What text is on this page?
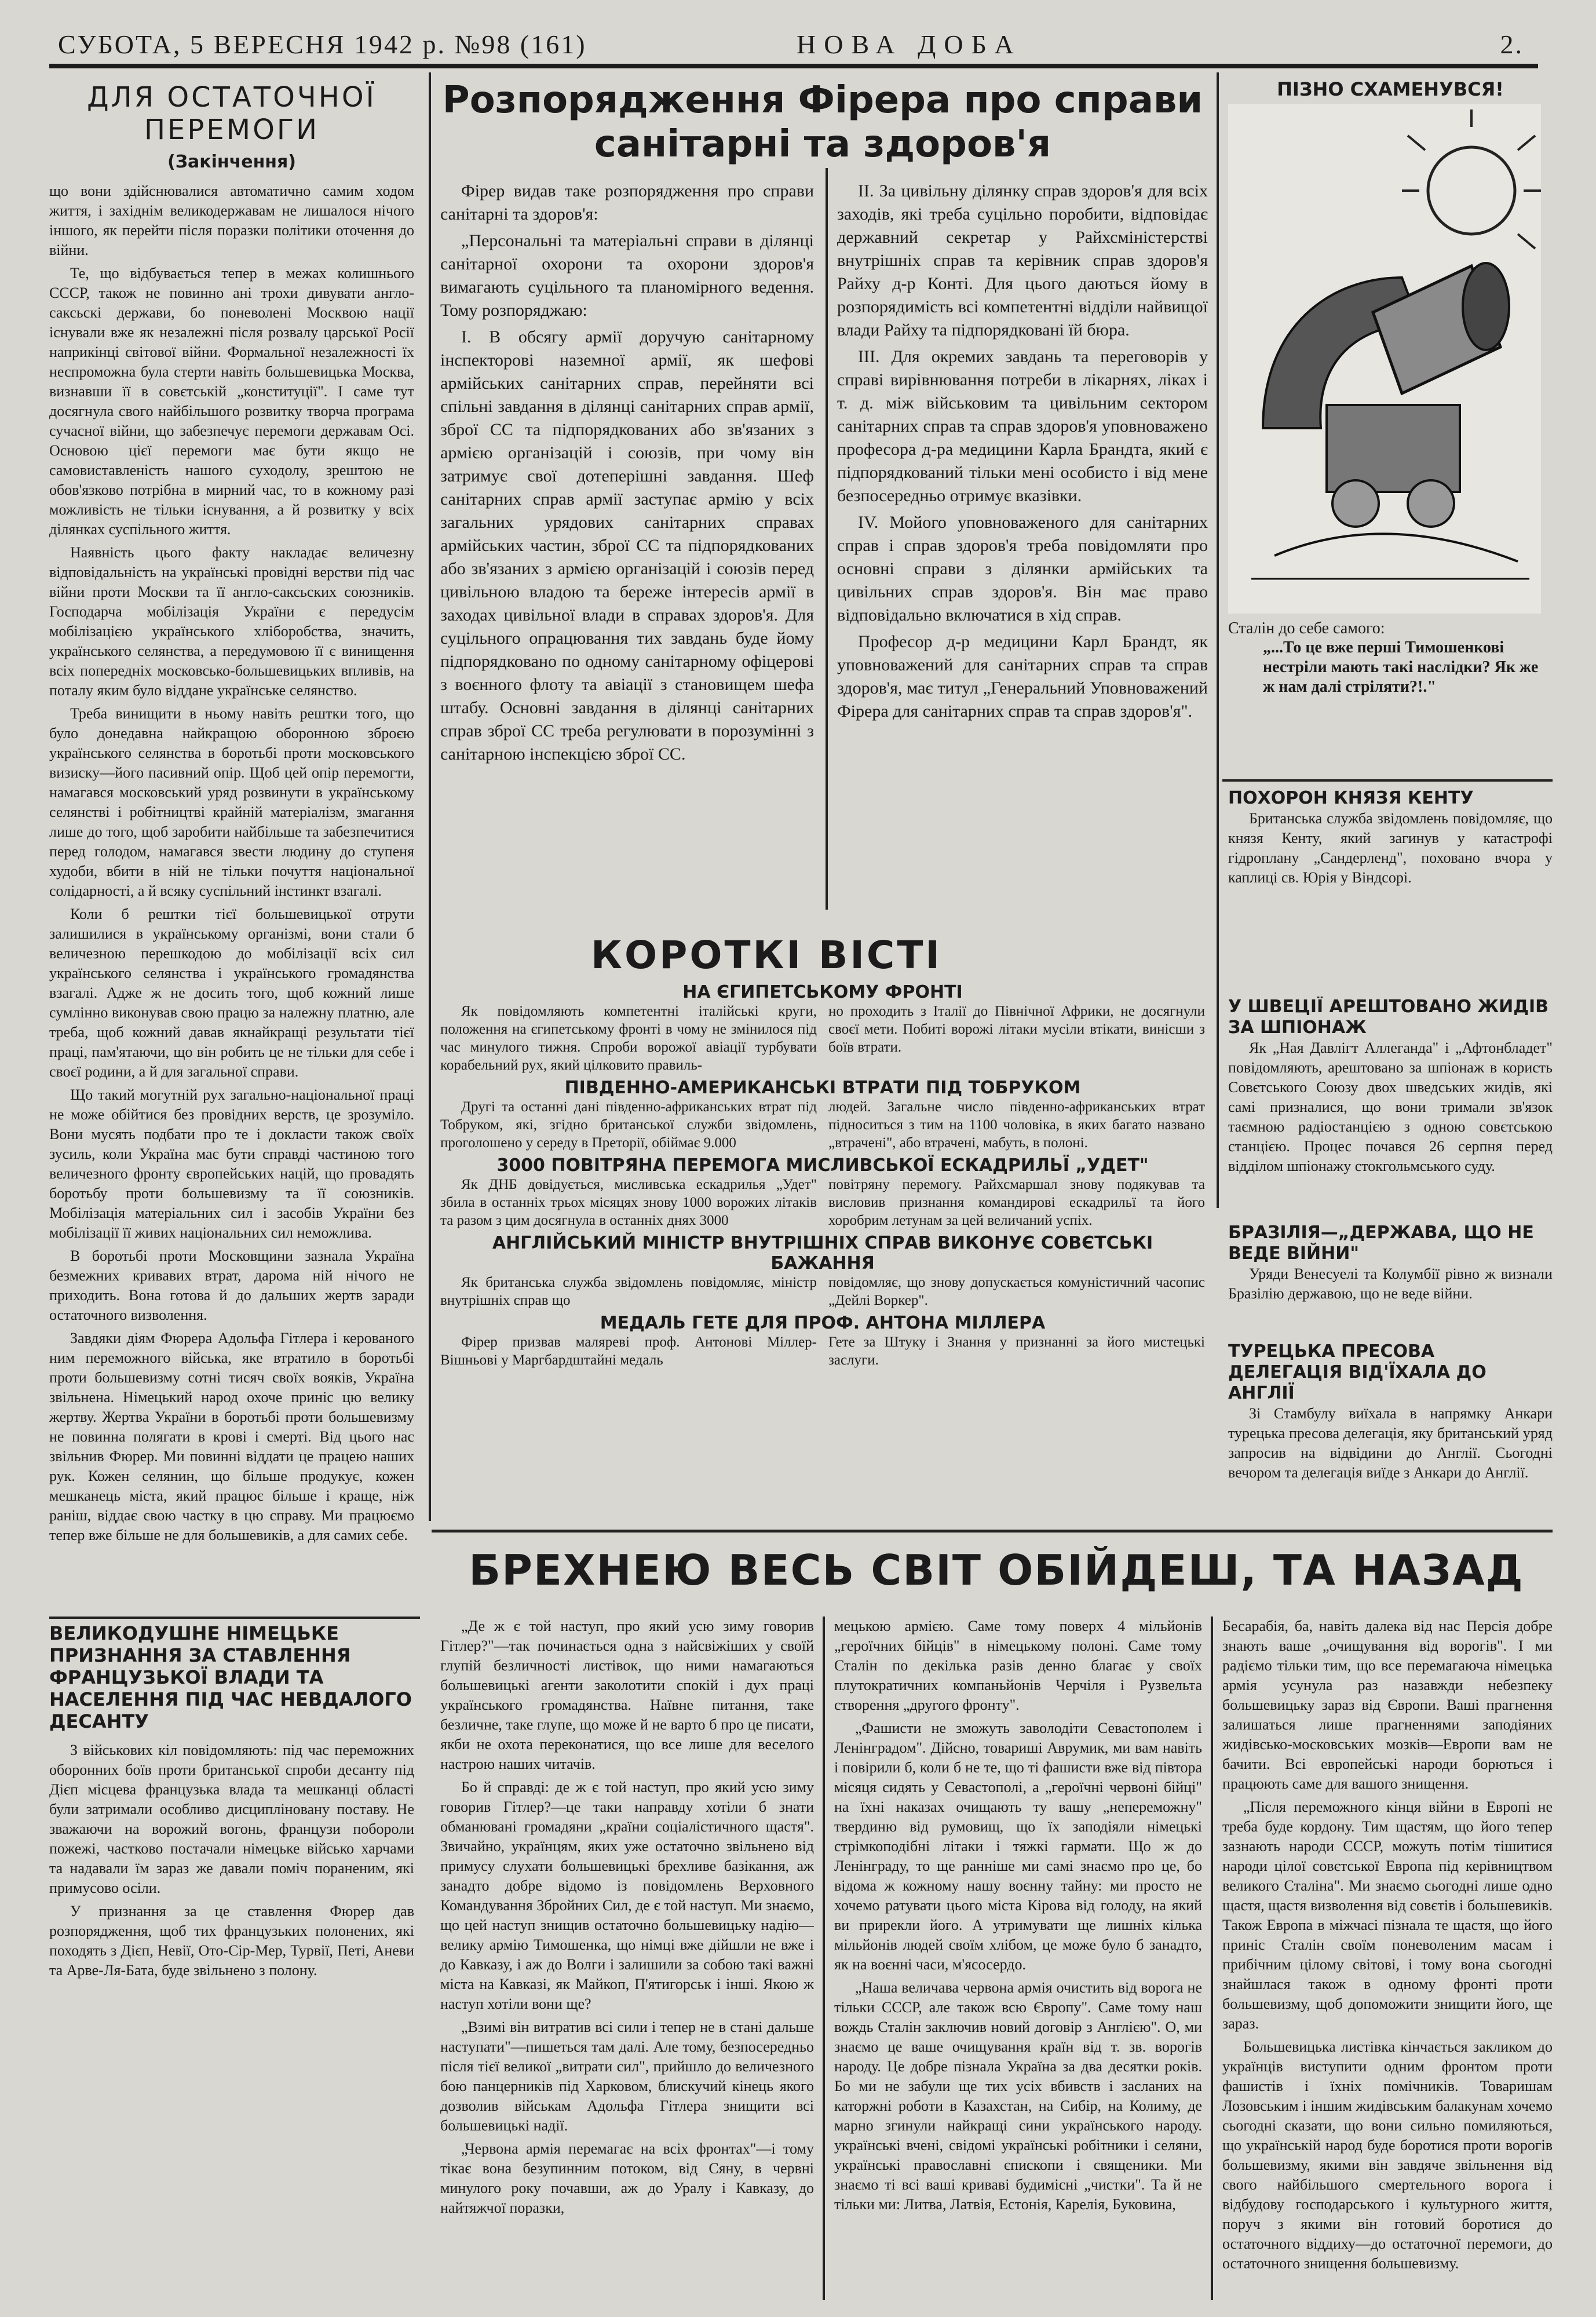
СУБОТА, 5 ВЕРЕСНЯ 1942 р. №98 (161)	НОВА ДОБА	2.
ДЛЯ ОСТАТОЧНОЇ ПЕРЕМОГИ
(Закінчення)

що вони здійснювалися автоматично самим ходом життя, і західнім великодержавам не лишалося нічого іншого, як перейти після поразки політики оточення до війни.

Те, що відбувається тепер в межах колишнього СССР, також не повинно ані трохи дивувати англо-саксьскі держави, бо поневолені Москвою нації існували вже як незалежні після розвалу царської Росії наприкінці світової війни. Формальної незалежності їх неспроможна була стерти навіть большевицька Москва, визнавши її в совєтській „конституції". І саме тут досягнула свого найбільшого розвитку творча програма сучасної війни, що забезпечує перемоги державам Осі. Основою цієї перемоги має бути якщо не самовиставленість нашого суходолу, зрештою не обов'язково потрібна в мирний час, то в кожному разі можливість не тільки існування, а й розвитку у всіх ділянках суспільного життя.

Наявність цього факту накладає величезну відповідальність на українські провідні верстви під час війни проти Москви та її англо-саксьских союзників. Господарча мобілізація України є передусім мобілізацією українського хліборобства, значить, українського селянства, а передумовою її є винищення всіх попередніх московсько-большевицьких впливів, на поталу яким було віддане українське селянство.

Треба винищити в ньому навіть рештки того, що було донедавна найкращою оборонною зброєю українського селянства в боротьбі проти московського визиску—його пасивний опір. Щоб цей опір перемогти, намагався московський уряд розвинути в українському селянстві і робітництві крайній матеріалізм, змагання лише до того, щоб заробити найбільше та забезпечитися перед голодом, намагався звести людину до ступеня худоби, вбити в ній не тільки почуття національної солідарності, а й всяку суспільний інстинкт взагалі.

Коли б рештки тієї большевицької отрути залишилися в українському організмі, вони стали б величезною перешкодою до мобілізації всіх сил українського селянства і українського громадянства взагалі. Адже ж не досить того, щоб кожний лише сумлінно виконував свою працю за належну платню, але треба, щоб кожний давав якнайкращі результати тієї праці, пам'ятаючи, що він робить це не тільки для себе і своєї родини, а й для загальної справи.

Що такий могутній рух загально-національної праці не може обійтися без провідних верств, це зрозуміло. Вони мусять подбати про те і докласти також своїх зусиль, коли Україна має бути справді частиною того величезного фронту європейських націй, що провадять боротьбу проти большевизму та її союзників. Мобілізація матеріальних сил і засобів України без мобілізації її живих національних сил неможлива.

В боротьбі проти Московщини зазнала Україна безмежних кривавих втрат, дарома ній нічого не приходить. Вона готова й до дальших жертв заради остаточного визволення.

Завдяки діям Фюрера Адольфа Гітлера і керованого ним переможного війська, яке втратило в боротьбі проти большевизму сотні тисяч своїх вояків, Україна звільнена. Німецький народ охоче приніс цю велику жертву. Жертва України в боротьбі проти большевизму не повинна полягати в крові і смерті. Від цього нас звільнив Фюрер. Ми повинні віддати це працею наших рук. Кожен селянин, що більше продукує, кожен мешканець міста, який працює більше і краще, ніж раніш, віддає свою частку в цю справу. Ми працюємо тепер вже більше не для большевиків, а для самих себе.

ВЕЛИКОДУШНЕ НІМЕЦЬКЕ ПРИЗНАННЯ ЗА СТАВЛЕННЯ ФРАНЦУЗЬКОЇ ВЛАДИ ТА НАСЕЛЕННЯ ПІД ЧАС НЕВДАЛОГО ДЕСАНТУ

З військових кіл повідомляють: під час переможних оборонних боїв проти британської спроби десанту під Дієп місцева французька влада та мешканці області були затримали особливо дисципліновану поставу. Не зважаючи на ворожий вогонь, французи побороли пожежі, частково постачали німецьке військо харчами та надавали їм зараз же давали поміч пораненим, які примусово осіли.

У признання за це ставлення Фюрер дав розпорядження, щоб тих французьких полонених, які походять з Дієп, Невії, Ото-Сір-Мер, Турвії, Петі, Аневи та Арве-Ля-Бата, буде звільнено з полону.

Розпорядження Фірера про справи
санітарні та здоров'я

Фірер видав таке розпорядження про справи санітарні та здоров'я:

„Персональні та матеріальні справи в ділянці санітарної охорони та охорони здоров'я вимагають суцільного та планомірного ведення. Тому розпоряджаю:

I. В обсягу армії доручую санітарному інспекторові наземної армії, як шефові армійських санітарних справ, перейняти всі спільні завдання в ділянці санітарних справ армії, зброї СС та підпорядкованих або зв'язаних з армією організацій і союзів, при чому він затримує свої дотеперішні завдання. Шеф санітарних справ армії заступає армію у всіх загальних урядових санітарних справах армійських частин, зброї СС та підпорядкованих або зв'язаних з армією організацій і союзів перед цивільною владою та береже інтересів армії в заходах цивільної влади в справах здоров'я. Для суцільного опрацювання тих завдань буде йому підпорядковано по одному санітарному офіцерові з воєнного флоту та авіації з становищем шефа штабу. Основні завдання в ділянці санітарних справ зброї СС треба регулювати в порозумінні з санітарною інспекцією зброї СС.

II. За цивільну ділянку справ здоров'я для всіх заходів, які треба суцільно поробити, відповідає державний секретар у Райхсміністерстві внутрішніх справ та керівник справ здоров'я Райху д-р Конті. Для цього даються йому в розпорядимість всі компетентні відділи найвищої влади Райху та підпорядковані їй бюра.

III. Для окремих завдань та переговорів у справі вирівнювання потреби в лікарнях, ліках і т. д. між військовим та цивільним сектором санітарних справ та справ здоров'я уповноважено професора д-ра медицини Карла Брандта, який є підпорядкований тільки мені особисто і від мене безпосередньо отримує вказівки.

IV. Мойого уповноваженого для санітарних справ і справ здоров'я треба повідомляти про основні справи з ділянки армійських та цивільних справ здоров'я. Він має право відповідально включатися в хід справ.

Професор д-р медицини Карл Брандт, як уповноважений для санітарних справ та справ здоров'я, має титул „Генеральний Уповноважений Фірера для санітарних справ та справ здоров'я".

ПІЗНО СХАМЕНУВСЯ!
Сталін до себе самого:
„...То це вже перші Тимошенкові нестріли мають такі наслідки? Як же ж нам далі стріляти?!."
ПОХОРОН КНЯЗЯ КЕНТУ

Британська служба звідомлень повідомляє, що князя Кенту, який загинув у катастрофі гідроплану „Сандерленд", поховано вчора у каплиці св. Юрія у Віндсорі.

У ШВЕЦІЇ АРЕШТОВАНО ЖИДІВ ЗА ШПІОНАЖ

Як „Ная Давлігт Аллеганда" і „Афтонбладет" повідомляють, арештовано за шпіонаж в користь Совєтського Союзу двох шведських жидів, які самі призналися, що вони тримали зв'язок таємною радіостанцією з одною совєтською станцією. Процес почався 26 серпня перед відділом шпіонажу стокгольмського суду.

БРАЗІЛІЯ—„ДЕРЖАВА, ЩО НЕ ВЕДЕ ВІЙНИ"

Уряди Венесуелі та Колумбії рівно ж визнали Бразілію державою, що не веде війни.

ТУРЕЦЬКА ПРЕСОВА ДЕЛЕГАЦІЯ ВІД'ЇХАЛА ДО АНГЛІЇ

Зі Стамбулу виїхала в напрямку Анкари турецька пресова делегація, яку британський уряд запросив на відвідини до Англії. Сьогодні вечором та делегація виїде з Анкари до Англії.

КОРОТКІ ВІСТІ
НА ЄГИПЕТСЬКОМУ ФРОНТІ

Як повідомляють компетентні італійські круги, положення на єгипетському фронті в чому не змінилося під час минулого тижня. Спроби ворожої авіації турбувати корабельний рух, який цілковито правиль-

но проходить з Італії до Північної Африки, не досягнули своєї мети. Побиті ворожі літаки мусіли втікати, винісши з боїв втрати.

ПІВДЕННО-АМЕРИКАНСЬКІ ВТРАТИ ПІД ТОБРУКОМ

Другі та останні дані південно-африканських втрат під Тобруком, які, згідно британської служби звідомлень, проголошено у середу в Преторії, обіймає 9.000

людей. Загальне число південно-африканських втрат підноситься з тим на 1100 чоловіка, в яких багато названо „втрачені", або втрачені, мабуть, в полоні.

3000 ПОВІТРЯНА ПЕРЕМОГА МИСЛИВСЬКОЇ ЕСКАДРИЛЬЇ „УДЕТ"

Як ДНБ довідується, мисливська ескадрилья „Удет" збила в останніх трьох місяцях знову 1000 ворожих літаків та разом з цим досягнула в останніх днях 3000

повітряну перемогу. Райхсмаршал знову подякував та висловив признання командирові ескадрильї та його хоробрим летунам за цей величаний успіх.

АНГЛІЙСЬКИЙ МІНІСТР ВНУТРІШНІХ СПРАВ ВИКОНУЄ СОВЄТСЬКІ БАЖАННЯ

Як британська служба звідомлень повідомляє, міністр внутрішніх справ що

повідомляє, що знову допускається комуністичний часопис „Дейлі Воркер".

МЕДАЛЬ ГЕТЕ ДЛЯ ПРОФ. АНТОНА МІЛЛЕРА

Фірер призвав маляреві проф. Антонові Міллер-Вішньові у Маргбардштайні медаль

Гете за Штуку і Знання у признанні за його мистецькі заслуги.

БРЕХНЕЮ ВЕСЬ СВІТ ОБІЙДЕШ, ТА НАЗАД

„Де ж є той наступ, про який усю зиму говорив Гітлер?"—так починається одна з найсвіжіших у своїй глупій безличності листівок, що ними намагаються большевицькі агенти заколотити спокій і дух праці українського громадянства. Наївне питання, таке безличне, таке глупе, що може й не варто б про це писати, якби не охота переконатися, що все лише для веселого настрою наших читачів.

Бо й справді: де ж є той наступ, про який усю зиму говорив Гітлер?—це таки направду хотіли б знати обманювані громадяни „країни соціалістичного щастя". Звичайно, українцям, яких уже остаточно звільнено від примусу слухати большевицькі брехливе базікання, аж занадто добре відомо із повідомлень Верховного Командування Збройних Сил, де є той наступ. Ми знаємо, що цей наступ знищив остаточно большевицьку надію—велику армію Тимошенка, що німці вже дійшли не вже і до Кавказу, і аж до Волги і залишили за собою такі важні міста на Кавказі, як Майкоп, П'ятигорськ і інші. Якою ж наступ хотіли вони ще?

„Взимі він витратив всі сили і тепер не в стані дальше наступати"—пишеться там далі. Але тому, безпосередньо після тієї великої „витрати сил", прийшло до величезного бою панцерників під Харковом, блискучий кінець якого дозволив військам Адольфа Гітлера знищити всі большевицькі надії.

„Червона армія перемагає на всіх фронтах"—і тому тікає вона безупинним потоком, від Сяну, в червні минулого року почавши, аж до Уралу і Кавказу, до найтяжчої поразки,

мецькою армією. Саме тому поверх 4 мільйонів „героїчних бійців" в німецькому полоні. Саме тому Сталін по декілька разів денно благає у своїх плутократичних компаньйонів Черчіля і Рузвельта створення „другого фронту".

„Фашисти не зможуть заволодіти Севастополем і Ленінградом". Дійсно, товариші Аврумик, ми вам навіть і повірили б, коли б не те, що ті фашисти вже від півтора місяця сидять у Севастополі, а „героїчні червоні бійці" на їхні наказах очищають ту вашу „непереможну" твердиню від румовищ, що їх заподіяли німецькі стрімкоподібні літаки і тяжкі гармати. Що ж до Ленінграду, то ще ранніше ми самі знаємо про це, бо відома ж кожному нашу воєнну тайну: ми просто не хочемо ратувати цього міста Кірова від голоду, на який ви прирекли його. А утримувати ще лишніх кілька мільйонів людей своїм хлібом, це може було б занадто, як на воєнні часи, м'ясосердо.

„Наша величава червона армія очистить від ворога не тільки СССР, але також всю Європу". Саме тому наш вождь Сталін заключив новий договір з Англією". О, ми знаємо це ваше очищування країн від т. зв. ворогів народу. Це добре пізнала Україна за два десятки років. Бо ми не забули ще тих усіх вбивств і засланих на каторжні роботи в Казахстан, на Сибір, на Колиму, де марно згинули найкращі сини українського народу. українські вчені, свідомі українські робітники і селяни, українські православні єпископи і священики. Ми знаємо ті всі ваші криваві будимісні „чистки". Та й не тільки ми: Литва, Латвія, Естонія, Карелія, Буковина,

Бесарабія, ба, навіть далека від нас Персія добре знають ваше „очищування від ворогів". І ми радіємо тільки тим, що все перемагаюча німецька армія усунула раз назавжди небезпеку большевицьку зараз від Європи. Ваші прагнення залишаться лише прагненнями заподіяних жидівсько-московських мозків—Европи вам не бачити. Всі европейські народи борються і працюють саме для вашого знищення.

„Після переможного кінця війни в Европі не треба буде кордону. Тим щастям, що його тепер зазнають народи СССР, можуть потім тішитися народи цілої совєтської Европа під керівництвом великого Сталіна". Ми знаємо сьогодні лише одно щастя, щастя визволення від совєтів і большевиків. Також Европа в міжчасі пізнала те щастя, що його приніс Сталін своїм поневоленим масам і прибічним цілому світові, і тому вона сьогодні знайшлася також в одному фронті проти большевизму, щоб допоможити знищити його, ще зараз.

Большевицька листівка кінчається закликом до українців виступити одним фронтом проти фашистів і їхніх помічників. Товаришам Лозовським і іншим жидівським балакунам хочемо сьогодні сказати, що вони сильно помиляються, що українській народ буде боротися проти ворогів большевизму, якими він завдяче звільнення від свого найбільшого смертельного ворога і відбудову господарського і культурного життя, поруч з якими він готовий боротися до остаточного віддиху—до остаточної перемоги, до остаточного знищення большевизму.
